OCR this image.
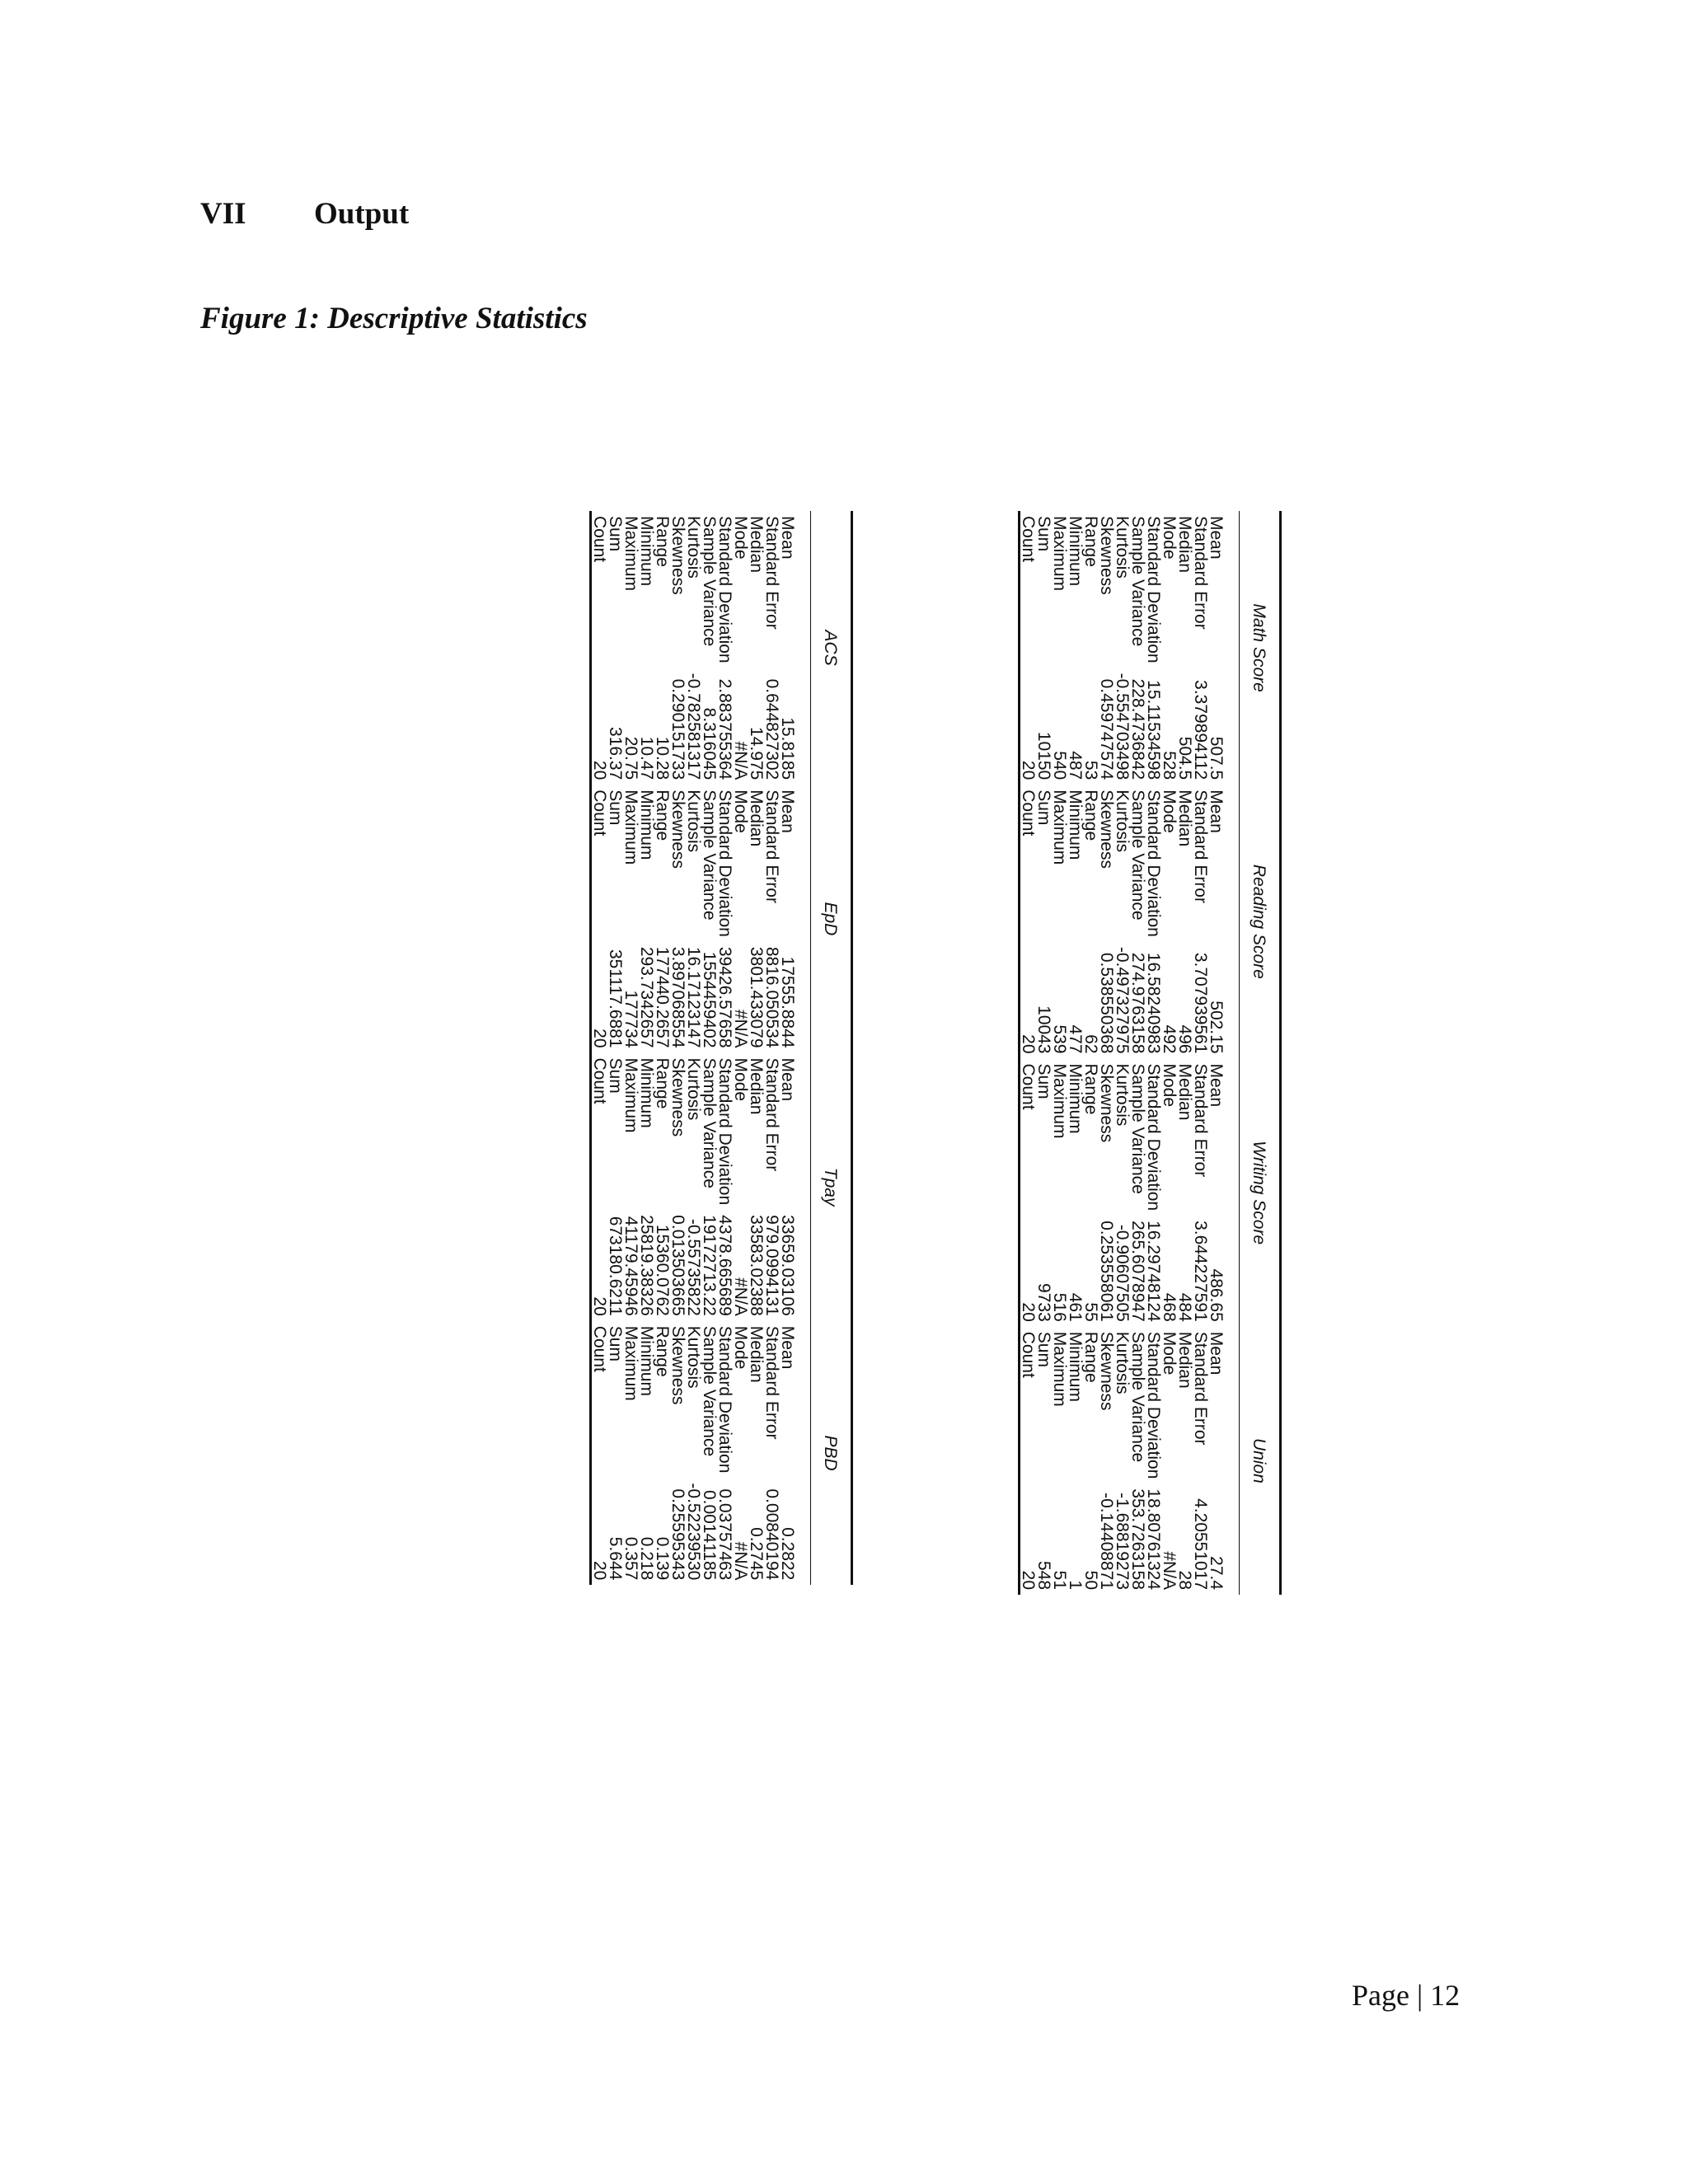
VII Output

Figure 1: Descriptive Statistics

Math Score		Reading Score		Writing Score		Union	

Mean	507.5	Mean	502.15	Mean	486.65	Mean	27.4
Standard Error	3.379894112	Standard Error	3.707939561	Standard Error	3.644227591	Standard Error	4.20551017
Median	504.5	Median	496	Median	484	Median	28
Mode	528	Mode	492	Mode	468	Mode	#N/A
Standard Deviation	15.11534598	Standard Deviation	16.58240983	Standard Deviation	16.29748124	Standard Deviation	18.80761324
Sample Variance	228.4736842	Sample Variance	274.9763158	Sample Variance	265.6078947	Sample Variance	353.7263158
Kurtosis	-0.554703498	Kurtosis	-0.497327975	Kurtosis	-0.90607505	Kurtosis	-1.68819273
Skewness	0.459747574	Skewness	0.538550368	Skewness	0.253558061	Skewness	-0.14408871
Range	53	Range	62	Range	55	Range	50
Minimum	487	Minimum	477	Minimum	461	Minimum	1
Maximum	540	Maximum	539	Maximum	516	Maximum	51
Sum	10150	Sum	10043	Sum	9733	Sum	548
Count	20	Count	20	Count	20	Count	20
ACS		EpD		Tpay		PBD	

Mean	15.8185	Mean	17555.8844	Mean	33659.03106	Mean	0.2822
Standard Error	0.644827302	Standard Error	8816.050534	Standard Error	979.0994131	Standard Error	0.00840194
Median	14.975	Median	3801.433079	Median	33583.02388	Median	0.2745
Mode	#N/A	Mode	#N/A	Mode	#N/A	Mode	#N/A
Standard Deviation	2.883755364	Standard Deviation	39426.57658	Standard Deviation	4378.665689	Standard Deviation	0.03757463
Sample Variance	8.316045	Sample Variance	1554459402	Sample Variance	19172713.22	Sample Variance	0.00141185
Kurtosis	-0.782581317	Kurtosis	16.17123147	Kurtosis	-0.55735822	Kurtosis	-0.52239530
Skewness	0.290151733	Skewness	3.897068554	Skewness	0.013503665	Skewness	0.25595343
Range	10.28	Range	177440.2657	Range	15360.0762	Range	0.139
Minimum	10.47	Minimum	293.7342657	Minimum	25819.38326	Minimum	0.218
Maximum	20.75	Maximum	177734	Maximum	41179.45946	Maximum	0.357
Sum	316.37	Sum	351117.6881	Sum	673180.6211	Sum	5.644
Count	20	Count	20	Count	20	Count	20
Page | 12
